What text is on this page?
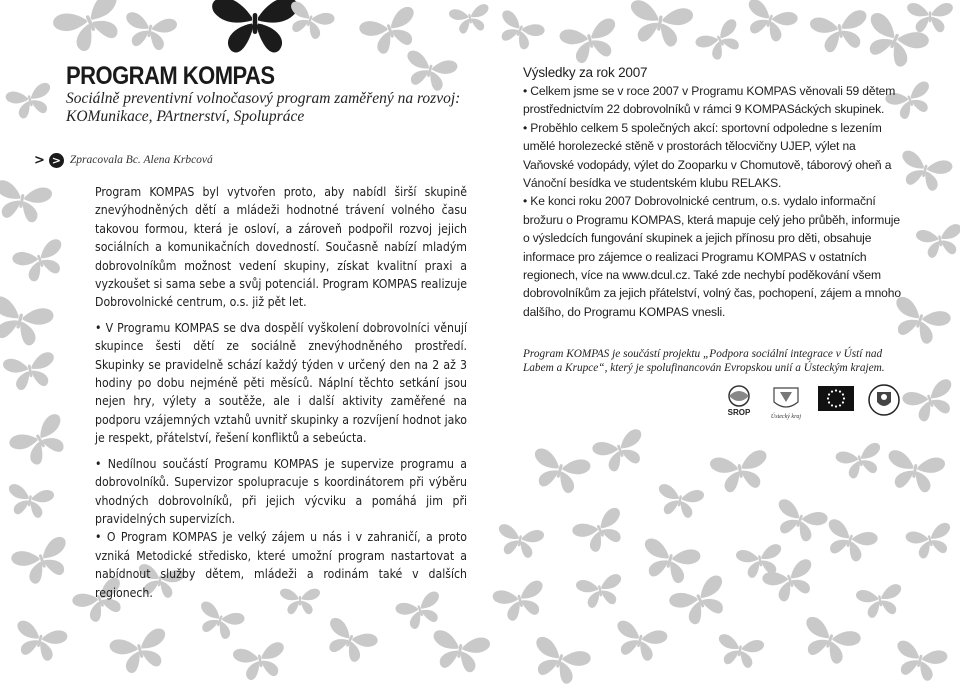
PROGRAM KOMPAS
Sociálně preventivní volnočasový program zaměřený na rozvoj: KOMunikace, PArtnerství, Spolupráce
> > Zpracovala Bc. Alena Krbcová

Program KOMPAS byl vytvořen proto, aby nabídl širší skupině znevýhodněných dětí a mládeži hodnotné trávení volného času takovou formou, která je osloví, a zároveň podpořil rozvoj jejich sociálních a komunikačních dovedností. Současně nabízí mladým dobrovolníkům možnost vedení skupiny, získat kvalitní praxi a vyzkoušet si sama sebe a svůj potenciál. Program KOMPAS realizuje Dobrovolnické centrum, o.s. již pět let.

• V Programu KOMPAS se dva dospělí vyškolení dobrovolníci věnují skupince šesti dětí ze sociálně znevýhodněného prostředí. Skupinky se pravidelně schází každý týden v určený den na 2 až 3 hodiny po dobu nejméně pěti měsíců. Náplní těchto setkání jsou nejen hry, výlety a soutěže, ale i další aktivity zaměřené na podporu vzájemných vztahů uvnitř skupinky a rozvíjení hodnot jako je respekt, přátelství, řešení konfliktů a sebeúcta.

• Nedílnou součástí Programu KOMPAS je supervize programu a dobrovolníků. Supervizor spolupracuje s koordinátorem při výběru vhodných dobrovolníků, při jejich výcviku a pomáhá jim při pravidelných supervizích.

• O Program KOMPAS je velký zájem u nás i v zahraničí, a proto vzniká Metodické středisko, které umožní program nastartovat a nabídnout služby dětem, mládeži a rodinám také v dalších regionech.

Výsledky za rok 2007

• Celkem jsme se v roce 2007 v Programu KOMPAS věnovali 59 dětem prostřednictvím 22 dobrovolníků v rámci 9 KOMPASáckých skupinek.

• Proběhlo celkem 5 společných akcí: sportovní odpoledne s lezením umělé horolezecké stěně v prostorách tělocvičny UJEP, výlet na Vaňovské vodopády, výlet do Zooparku v Chomutově, táborový oheň a Vánoční besídka ve studentském klubu RELAKS.

• Ke konci roku 2007 Dobrovolnické centrum, o.s. vydalo informační brožuru o Programu KOMPAS, která mapuje celý jeho průběh, informuje o výsledcích fungování skupinek a jejich přínosu pro děti, obsahuje informace pro zájemce o realizaci Programu KOMPAS v ostatních regionech, více na www.dcul.cz. Také zde nechybí poděkování všem dobrovolníkům za jejich přátelství, volný čas, pochopení, zájem a mnoho dalšího, do Programu KOMPAS vnesli.

Program KOMPAS je součástí projektu „Podpora sociální integrace v Ústí nad Labem a Krupce“, který je spolufinancován Evropskou unií a Ústeckým krajem.
SROP	Ústecký kraj
